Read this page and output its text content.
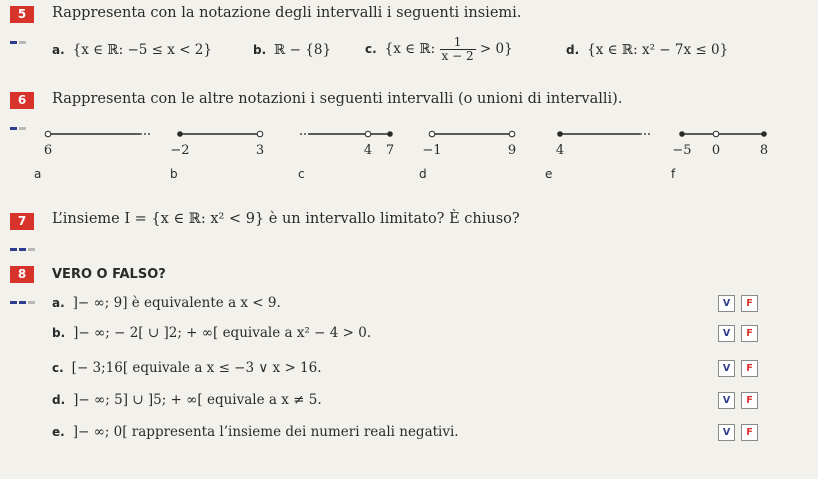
5	Rappresenta con la notazione degli intervalli i seguenti insiemi.
a. {x ∈ ℝ: −5 ≤ x < 2}	b. ℝ − {8}	c. {x ∈ ℝ: $\frac{1}{x - 2} > 0$}	d. {x ∈ ℝ: x² − 7x ≤ 0}
6	Rappresenta con le altre notazioni i seguenti intervalli (o unioni di intervalli).
6	−2	3	4 7 −1	9	4	−5 0	8
a	b	c	d	e	f
7	L’insieme I = {x ∈ ℝ: x² < 9} è un intervallo limitato? È chiuso?
8	VERO O FALSO?
a. ]− ∞; 9] è equivalente a x < 9.	V	F
b. ]− ∞; − 2[ ∪ ]2; + ∞[ equivale a x² − 4 > 0.	V	F
c. [− 3;16[ equivale a x ≤ −3 ∨ x > 16.	V	F
d. ]− ∞; 5] ∪ ]5; + ∞[ equivale a x ≠ 5.	V	F
e. ]− ∞; 0[ rappresenta l’insieme dei numeri reali negativi.	V	F
